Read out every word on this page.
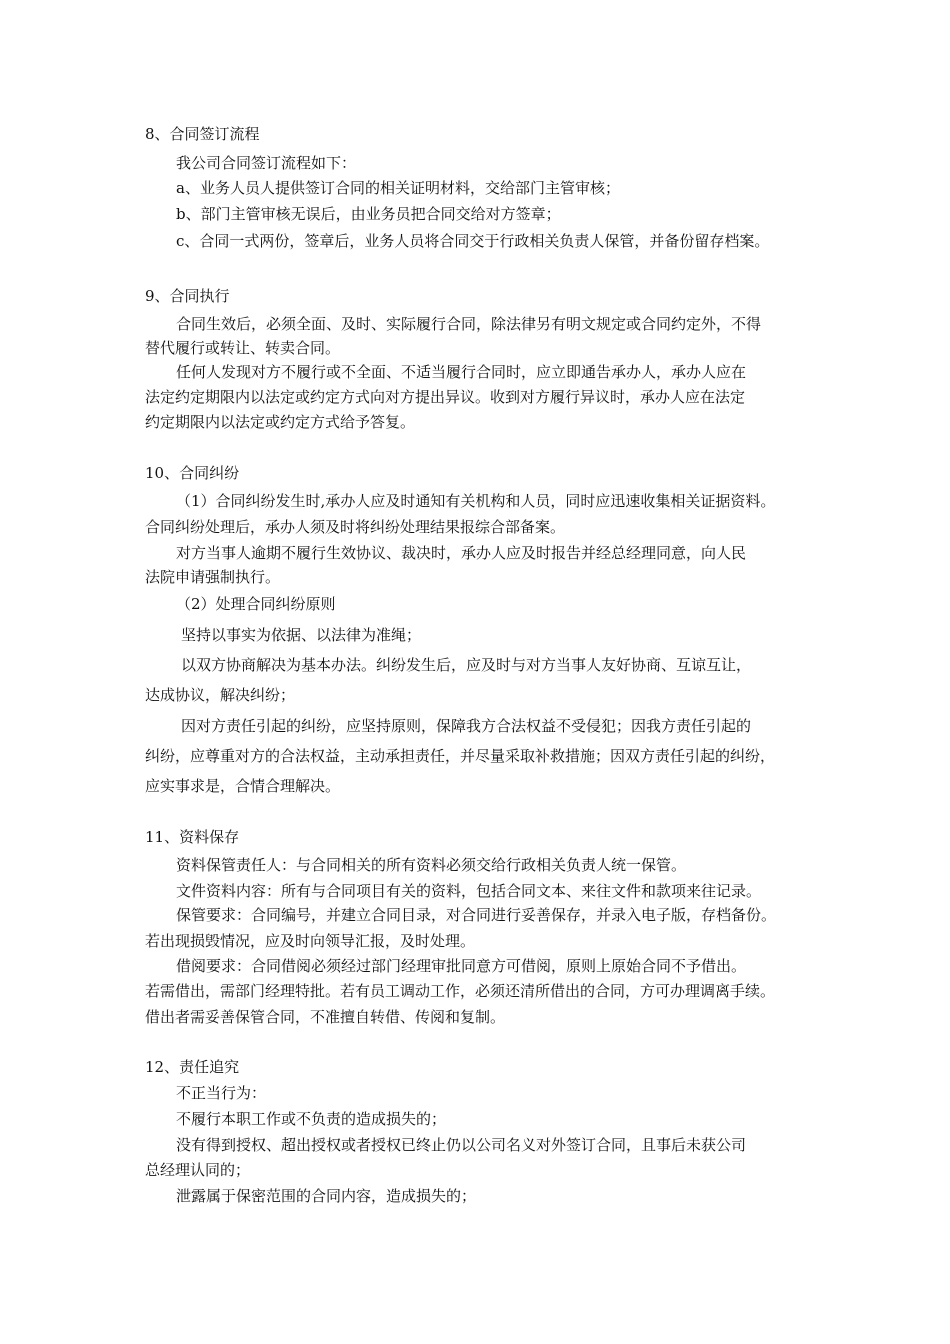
8、合同签订流程
我公司合同签订流程如下：
a、业务人员人提供签订合同的相关证明材料，交给部门主管审核；
b、部门主管审核无误后，由业务员把合同交给对方签章；
c、合同一式两份，签章后，业务人员将合同交于行政相关负责人保管，并备份留存档案。
9、合同执行
合同生效后，必须全面、及时、实际履行合同，除法律另有明文规定或合同约定外，不得
替代履行或转让、转卖合同。
任何人发现对方不履行或不全面、不适当履行合同时，应立即通告承办人，承办人应在
法定约定期限内以法定或约定方式向对方提出异议。收到对方履行异议时，承办人应在法定
约定期限内以法定或约定方式给予答复。
10、合同纠纷
（1）合同纠纷发生时,承办人应及时通知有关机构和人员，同时应迅速收集相关证据资料。
合同纠纷处理后，承办人须及时将纠纷处理结果报综合部备案。
对方当事人逾期不履行生效协议、裁决时，承办人应及时报告并经总经理同意，向人民
法院申请强制执行。
（2）处理合同纠纷原则
坚持以事实为依据、以法律为准绳；
以双方协商解决为基本办法。纠纷发生后，应及时与对方当事人友好协商、互谅互让，
达成协议，解决纠纷；
因对方责任引起的纠纷，应坚持原则，保障我方合法权益不受侵犯；因我方责任引起的
纠纷，应尊重对方的合法权益，主动承担责任，并尽量采取补救措施；因双方责任引起的纠纷，
应实事求是，合情合理解决。
11、资料保存
资料保管责任人：与合同相关的所有资料必须交给行政相关负责人统一保管。
文件资料内容：所有与合同项目有关的资料，包括合同文本、来往文件和款项来往记录。
保管要求：合同编号，并建立合同目录，对合同进行妥善保存，并录入电子版，存档备份。
若出现损毁情况，应及时向领导汇报，及时处理。
借阅要求：合同借阅必须经过部门经理审批同意方可借阅，原则上原始合同不予借出。
若需借出，需部门经理特批。若有员工调动工作，必须还清所借出的合同，方可办理调离手续。
借出者需妥善保管合同，不准擅自转借、传阅和复制。
12、责任追究
不正当行为：
不履行本职工作或不负责的造成损失的；
没有得到授权、超出授权或者授权已终止仍以公司名义对外签订合同，且事后未获公司
总经理认同的；
泄露属于保密范围的合同内容，造成损失的；
